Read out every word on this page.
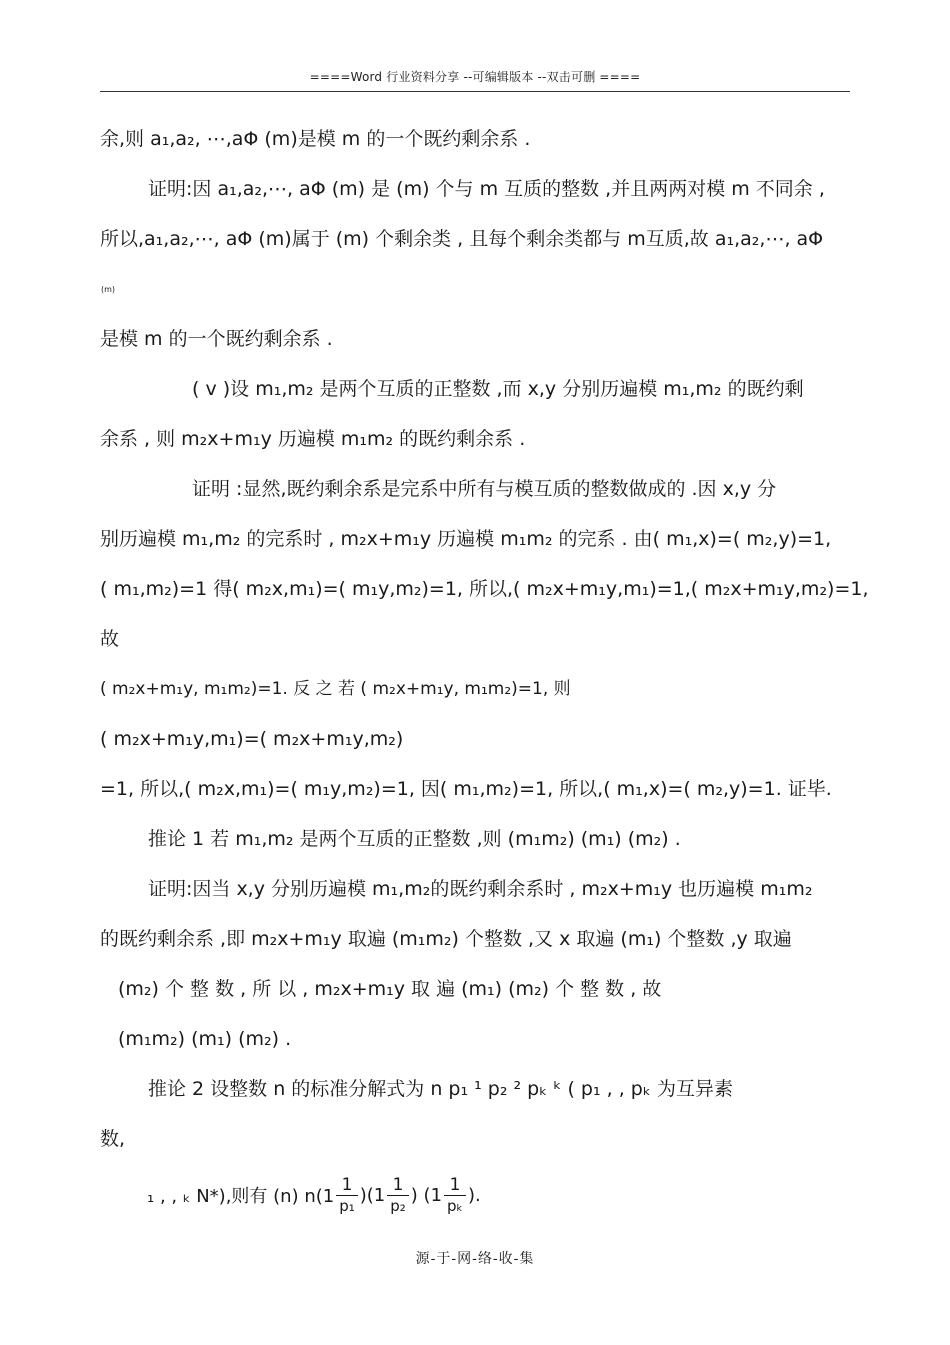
====Word 行业资料分享 --可编辑版本 --双击可删 ====
余,则 a₁,a₂, ⋯,aΦ (m)是模 m 的一个既约剩余系 .
证明:因 a₁,a₂,⋯, aΦ (m) 是 (m) 个与 m 互质的整数 ,并且两两对模 m 不同余 ,
所以,a₁,a₂,⋯, aΦ (m)属于 (m) 个剩余类 , 且每个剩余类都与 m互质,故 a₁,a₂,⋯, aΦ
(m)
是模 m 的一个既约剩余系 .
( v )设 m₁,m₂ 是两个互质的正整数 ,而 x,y 分别历遍模 m₁,m₂ 的既约剩
余系 , 则 m₂x+m₁y 历遍模 m₁m₂ 的既约剩余系 .
证明 :显然,既约剩余系是完系中所有与模互质的整数做成的 .因 x,y 分
别历遍模 m₁,m₂ 的完系时 , m₂x+m₁y 历遍模 m₁m₂ 的完系 . 由( m₁,x)=( m₂,y)=1,
( m₁,m₂)=1 得( m₂x,m₁)=( m₁y,m₂)=1, 所以,( m₂x+m₁y,m₁)=1,( m₂x+m₁y,m₂)=1,
故
( m₂x+m₁y, m₁m₂)=1. 反 之 若 ( m₂x+m₁y, m₁m₂)=1, 则
( m₂x+m₁y,m₁)=( m₂x+m₁y,m₂)
=1, 所以,( m₂x,m₁)=( m₁y,m₂)=1, 因( m₁,m₂)=1, 所以,( m₁,x)=( m₂,y)=1. 证毕.
推论 1 若 m₁,m₂ 是两个互质的正整数 ,则 (m₁m₂) (m₁) (m₂) .
证明:因当 x,y 分别历遍模 m₁,m₂的既约剩余系时 , m₂x+m₁y 也历遍模 m₁m₂
的既约剩余系 ,即 m₂x+m₁y 取遍 (m₁m₂) 个整数 ,又 x 取遍 (m₁) 个整数 ,y 取遍
(m₂) 个 整 数 , 所 以 , m₂x+m₁y 取 遍 (m₁) (m₂) 个 整 数 , 故
(m₁m₂) (m₁) (m₂) .
推论 2 设整数 n 的标准分解式为 n p₁ ¹ p₂ ² pₖ ᵏ ( p₁ , , pₖ 为互异素
数,
₁ , , ₖ N*),则有 (n) $n(1 \frac{1}{\text{p₁}} )(1 \frac{1}{\text{p₂}}$ ) ($1 \frac{1}{\text{pₖ}}$ ).
源-于-网-络-收-集
